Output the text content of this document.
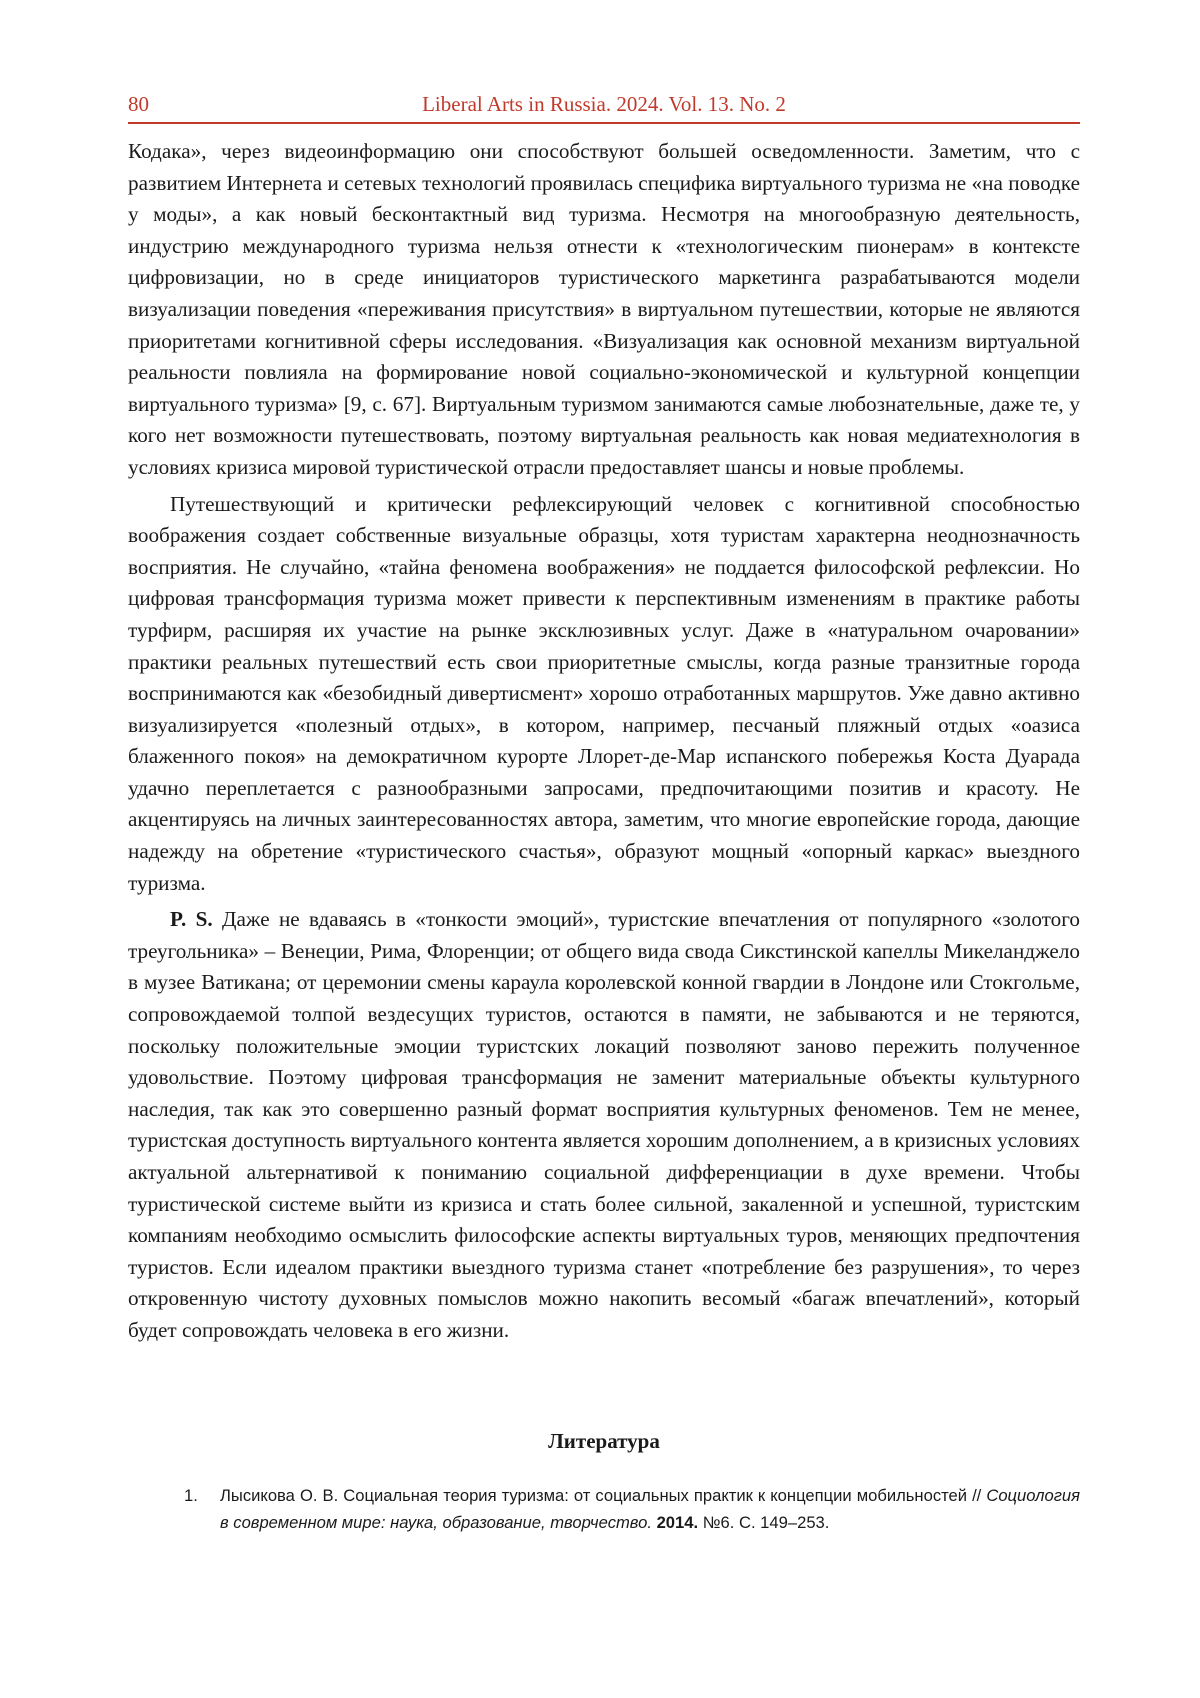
80	Liberal Arts in Russia. 2024. Vol. 13. No. 2

Кодака», через видеоинформацию они способствуют большей осведомленности. Заметим, что с развитием Интернета и сетевых технологий проявилась специфика виртуального туризма не «на поводке у моды», а как новый бесконтактный вид туризма. Несмотря на многообразную деятельность, индустрию международного туризма нельзя отнести к «технологическим пионерам» в контексте цифровизации, но в среде инициаторов туристического маркетинга разрабатываются модели визуализации поведения «переживания присутствия» в виртуальном путешествии, которые не являются приоритетами когнитивной сферы исследования. «Визуализация как основной механизм виртуальной реальности повлияла на формирование новой социально-экономической и культурной концепции виртуального туризма» [9, с. 67]. Виртуальным туризмом занимаются самые любознательные, даже те, у кого нет возможности путешествовать, поэтому виртуальная реальность как новая медиатехнология в условиях кризиса мировой туристической отрасли предоставляет шансы и новые проблемы.

Путешествующий и критически рефлексирующий человек с когнитивной способностью воображения создает собственные визуальные образцы, хотя туристам характерна неоднозначность восприятия. Не случайно, «тайна феномена воображения» не поддается философской рефлексии. Но цифровая трансформация туризма может привести к перспективным изменениям в практике работы турфирм, расширяя их участие на рынке эксклюзивных услуг. Даже в «натуральном очаровании» практики реальных путешествий есть свои приоритетные смыслы, когда разные транзитные города воспринимаются как «безобидный дивертисмент» хорошо отработанных маршрутов. Уже давно активно визуализируется «полезный отдых», в котором, например, песчаный пляжный отдых «оазиса блаженного покоя» на демократичном курорте Ллорет-де-Мар испанского побережья Коста Дуарада удачно переплетается с разнообразными запросами, предпочитающими позитив и красоту. Не акцентируясь на личных заинтересованностях автора, заметим, что многие европейские города, дающие надежду на обретение «туристического счастья», образуют мощный «опорный каркас» выездного туризма.

P. S. Даже не вдаваясь в «тонкости эмоций», туристские впечатления от популярного «золотого треугольника» – Венеции, Рима, Флоренции; от общего вида свода Сикстинской капеллы Микеланджело в музее Ватикана; от церемонии смены караула королевской конной гвардии в Лондоне или Стокгольме, сопровождаемой толпой вездесущих туристов, остаются в памяти, не забываются и не теряются, поскольку положительные эмоции туристских локаций позволяют заново пережить полученное удовольствие. Поэтому цифровая трансформация не заменит материальные объекты культурного наследия, так как это совершенно разный формат восприятия культурных феноменов. Тем не менее, туристская доступность виртуального контента является хорошим дополнением, а в кризисных условиях актуальной альтернативой к пониманию социальной дифференциации в духе времени. Чтобы туристической системе выйти из кризиса и стать более сильной, закаленной и успешной, туристским компаниям необходимо осмыслить философские аспекты виртуальных туров, меняющих предпочтения туристов. Если идеалом практики выездного туризма станет «потребление без разрушения», то через откровенную чистоту духовных помыслов можно накопить весомый «багаж впечатлений», который будет сопровождать человека в его жизни.

Литература
1. Лысикова О. В. Социальная теория туризма: от социальных практик к концепции мобильностей // Социология в современном мире: наука, образование, творчество. 2014. №6. С. 149–253.
